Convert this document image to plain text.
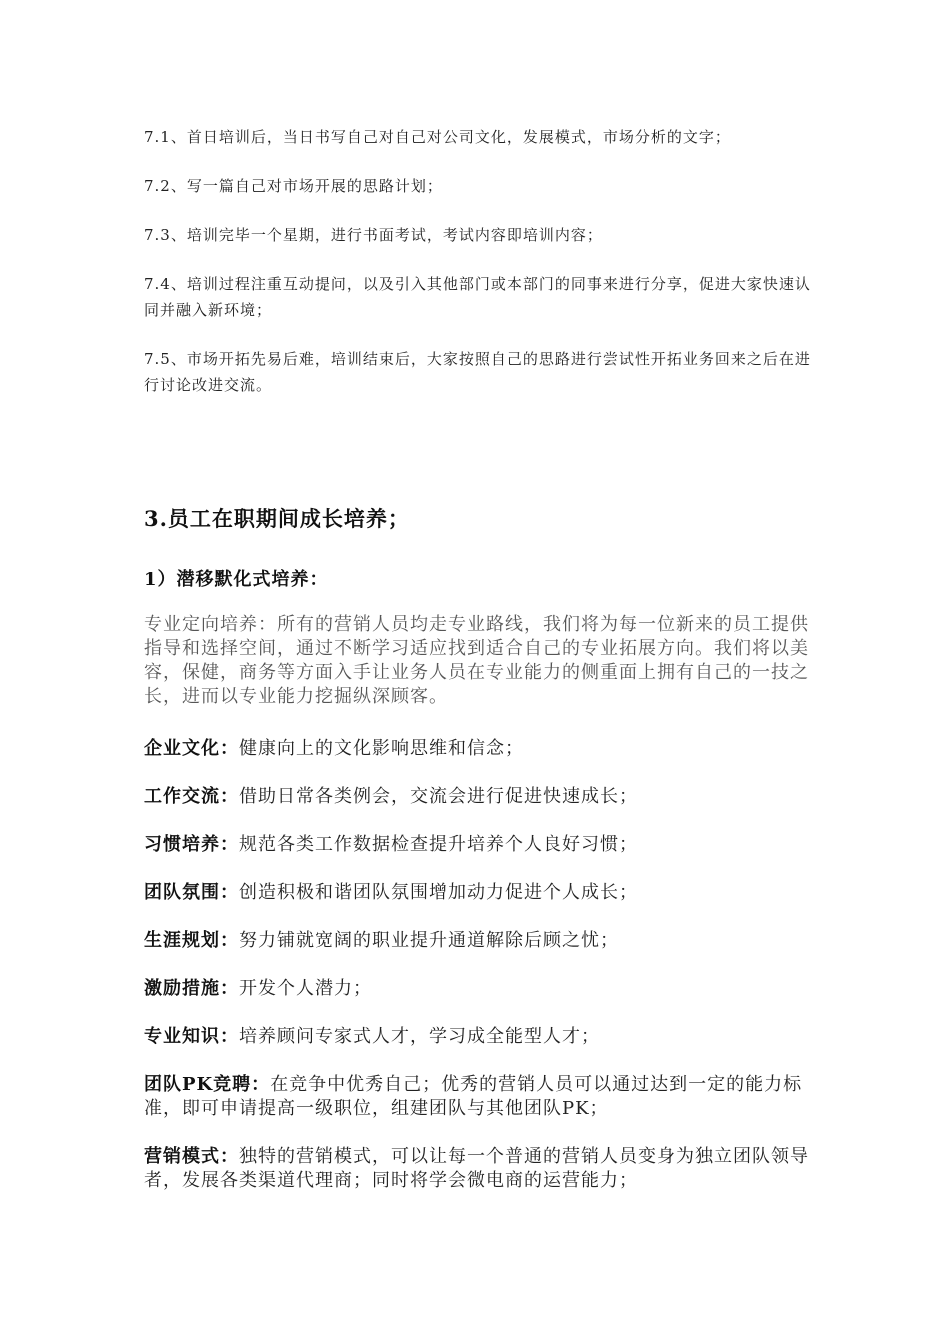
7.1、首日培训后，当日书写自己对自己对公司文化，发展模式，市场分析的文字；

7.2、写一篇自己对市场开展的思路计划；

7.3、培训完毕一个星期，进行书面考试，考试内容即培训内容；

7.4、培训过程注重互动提问，以及引入其他部门或本部门的同事来进行分享，促进大家快速认同并融入新环境；

7.5、市场开拓先易后难，培训结束后，大家按照自己的思路进行尝试性开拓业务回来之后在进行讨论改进交流。

3.员工在职期间成长培养；
1）潜移默化式培养：

专业定向培养：所有的营销人员均走专业路线，我们将为每一位新来的员工提供指导和选择空间，通过不断学习适应找到适合自己的专业拓展方向。我们将以美容，保健，商务等方面入手让业务人员在专业能力的侧重面上拥有自己的一技之长，进而以专业能力挖掘纵深顾客。

企业文化：健康向上的文化影响思维和信念；

工作交流：借助日常各类例会，交流会进行促进快速成长；

习惯培养：规范各类工作数据检查提升培养个人良好习惯；

团队氛围：创造积极和谐团队氛围增加动力促进个人成长；

生涯规划：努力铺就宽阔的职业提升通道解除后顾之忧；

激励措施：开发个人潜力；

专业知识：培养顾问专家式人才，学习成全能型人才；

团队PK竞聘：在竞争中优秀自己；优秀的营销人员可以通过达到一定的能力标准，即可申请提高一级职位，组建团队与其他团队PK；

营销模式：独特的营销模式，可以让每一个普通的营销人员变身为独立团队领导者，发展各类渠道代理商；同时将学会微电商的运营能力；
